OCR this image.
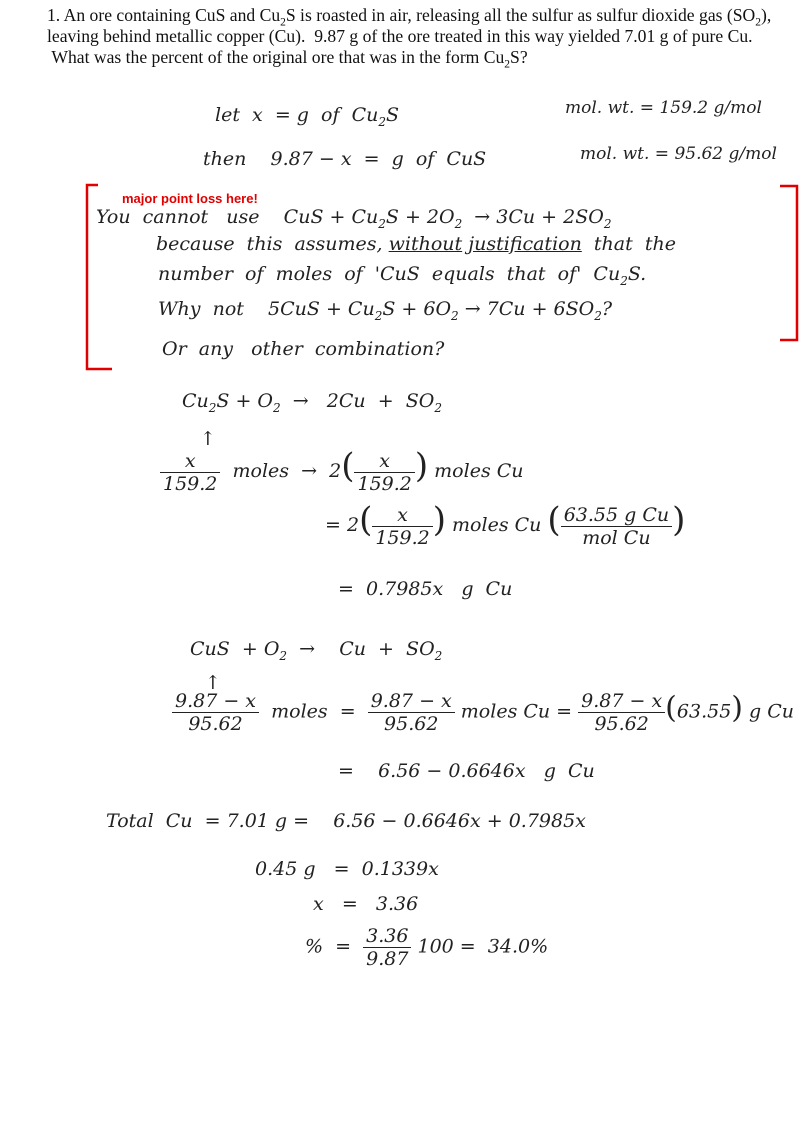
1. An ore containing CuS and $Cu_2S$ is roasted in air, releasing all the sulfur as sulfur dioxide gas $(SO_2)$, leaving behind metallic copper (Cu).  9.87 g of the ore treated in this way yielded 7.01 g of pure Cu.  What was the percent of the original ore that was in the form $Cu_2S$?
major point loss here!
let  x  = g  of  $Cu_2S$	mol. wt. = 159.2 g/mol
then    9.87 − x  =  g  of  CuS	mol. wt. = 95.62 g/mol
You  cannot   use    CuS + $Cu_2S + 2O_2 \to 3Cu + 2SO_2$
because  this  assumes, without justification  that  the
number  of  moles  of  'CuS  equals  that  of'  $Cu_2S$.
Why  not    $5CuS + Cu_2S + 6O_2 \to 7Cu + 6SO_2$?
Or  any   other  combination?
$Cu_2S + O_2 \to 2Cu + SO_2$
↑
$\frac{x}{159.2}$ moles  →  $2( \frac{x}{159.2}$ ) moles Cu
= $2( \frac{x}{159.2}$ ) moles Cu ( $\frac{\text{63.55 g Cu}}{\text{mol Cu}}$ )
=  0.7985x   g  Cu
CuS  + $O_2$  →    $Cu + SO_2$
↑
$\frac{9.87 - x}{95.62}$ moles  = $\frac{9.87 - x}{95.62}$ moles $Cu = \frac{9.87 - x}{95.62} (63.55)$ g Cu
=    6.56 − 0.6646x   g  Cu
Total  Cu  = 7.01 g =    6.56 − 0.6646x + 0.7985x
0.45 g   =  0.1339x
x   =   3.36
%  = $\frac{3.36}{9.87} 100 = 34.0\%$
